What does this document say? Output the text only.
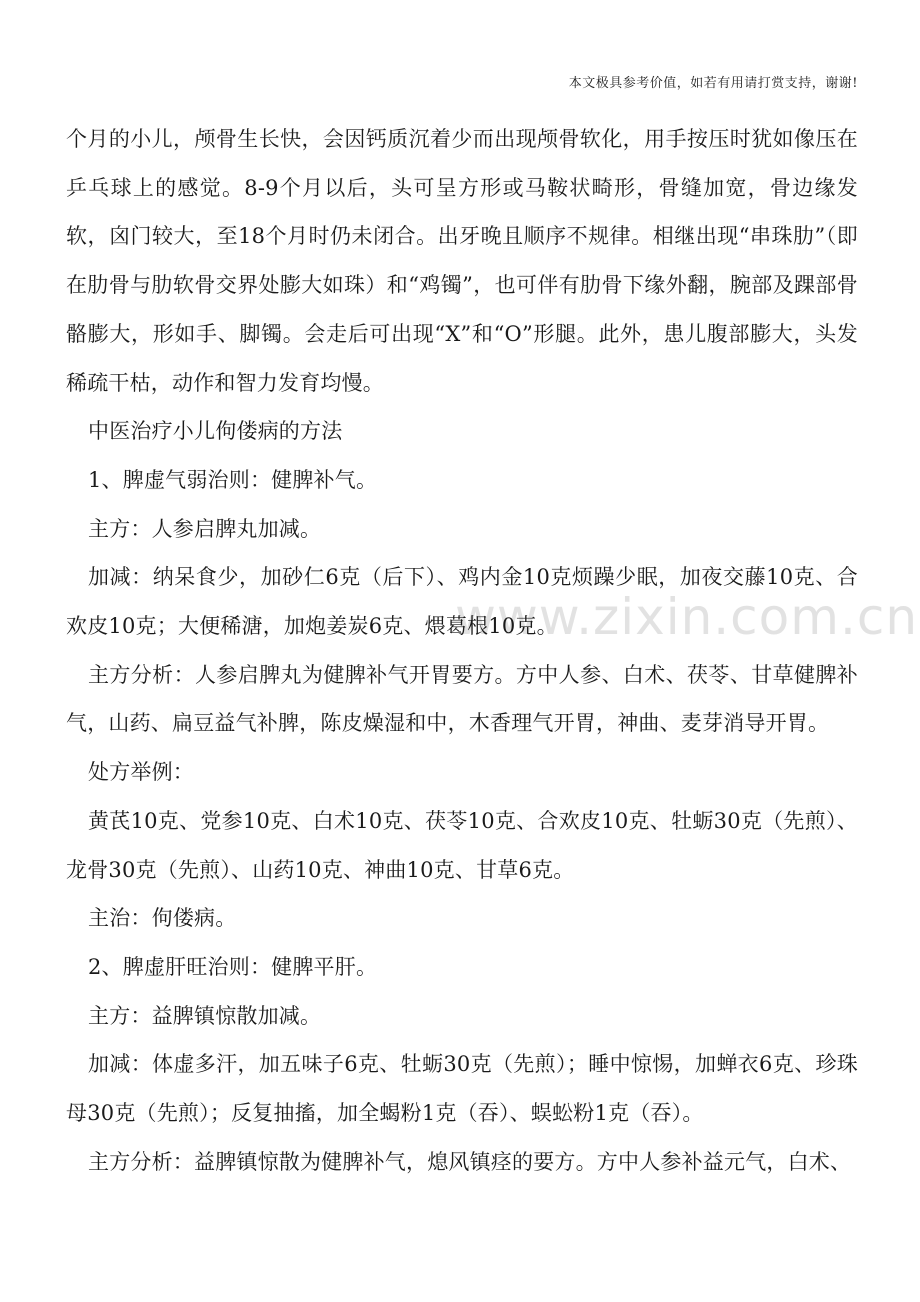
本文极具参考价值，如若有用请打赏支持，谢谢!
www.zixin.com.cn

个月的小儿，颅骨生长快，会因钙质沉着少而出现颅骨软化，用手按压时犹如像压在乒乓球上的感觉。8-9个月以后，头可呈方形或马鞍状畸形，骨缝加宽，骨边缘发软，囟门较大，至18个月时仍未闭合。出牙晚且顺序不规律。相继出现“串珠肋”（即在肋骨与肋软骨交界处膨大如珠）和“鸡镯”，也可伴有肋骨下缘外翻，腕部及踝部骨骼膨大，形如手、脚镯。会走后可出现“X”和“O”形腿。此外，患儿腹部膨大，头发稀疏干枯，动作和智力发育均慢。

中医治疗小儿佝偻病的方法

1、脾虚气弱治则：健脾补气。

主方：人参启脾丸加减。

加减：纳呆食少，加砂仁6克（后下）、鸡内金10克烦躁少眠，加夜交藤10克、合欢皮10克；大便稀溏，加炮姜炭6克、煨葛根10克。

主方分析：人参启脾丸为健脾补气开胃要方。方中人参、白术、茯苓、甘草健脾补气，山药、扁豆益气补脾，陈皮燥湿和中，木香理气开胃，神曲、麦芽消导开胃。

处方举例：

黄芪10克、党参10克、白术10克、茯苓10克、合欢皮10克、牡蛎30克（先煎）、龙骨30克（先煎）、山药10克、神曲10克、甘草6克。

主治：佝偻病。

2、脾虚肝旺治则：健脾平肝。

主方：益脾镇惊散加减。

加减：体虚多汗，加五味子6克、牡蛎30克（先煎）；睡中惊惕，加蝉衣6克、珍珠母30克（先煎）；反复抽搐，加全蝎粉1克（吞）、蜈蚣粉1克（吞）。

主方分析：益脾镇惊散为健脾补气，熄风镇痉的要方。方中人参补益元气，白术、
